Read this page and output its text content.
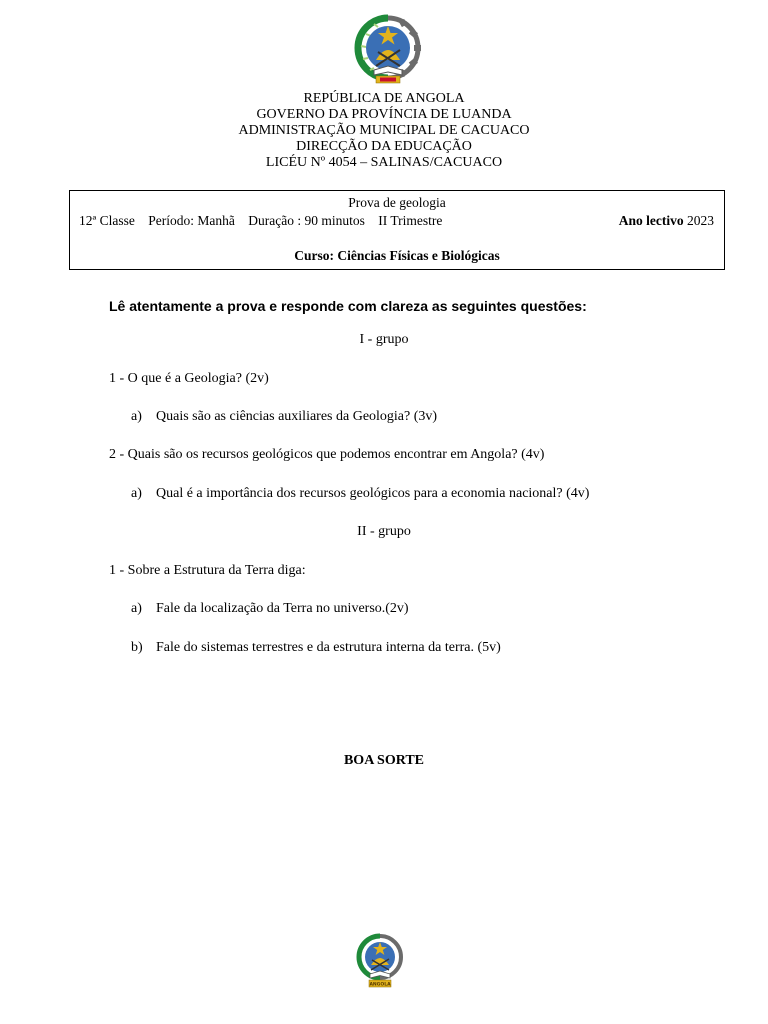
REPÚBLICA DE ANGOLA
GOVERNO DA PROVÍNCIA DE LUANDA
ADMINISTRAÇÃO MUNICIPAL DE CACUACO
DIRECÇÃO DA EDUCAÇÃO
LICÉU Nº 4054 – SALINAS/CACUACO
Prova de geologia
12ª Classe Período: Manhã Duração : 90 minutos II Trimestre	Ano lectivo 2023
Curso: Ciências Físicas e Biológicas
Lê atentamente a prova e responde com clareza as seguintes questões:
I - grupo
1 - O que é a Geologia? (2v)
a) Quais são as ciências auxiliares da Geologia? (3v)
2 - Quais são os recursos geológicos que podemos encontrar em Angola? (4v)
a) Qual é a importância dos recursos geológicos para a economia nacional? (4v)
II - grupo
1 - Sobre a Estrutura da Terra diga:
a) Fale da localização da Terra no universo.(2v)
b) Fale do sistemas terrestres e da estrutura interna da terra. (5v)
BOA SORTE
ANGOLA
